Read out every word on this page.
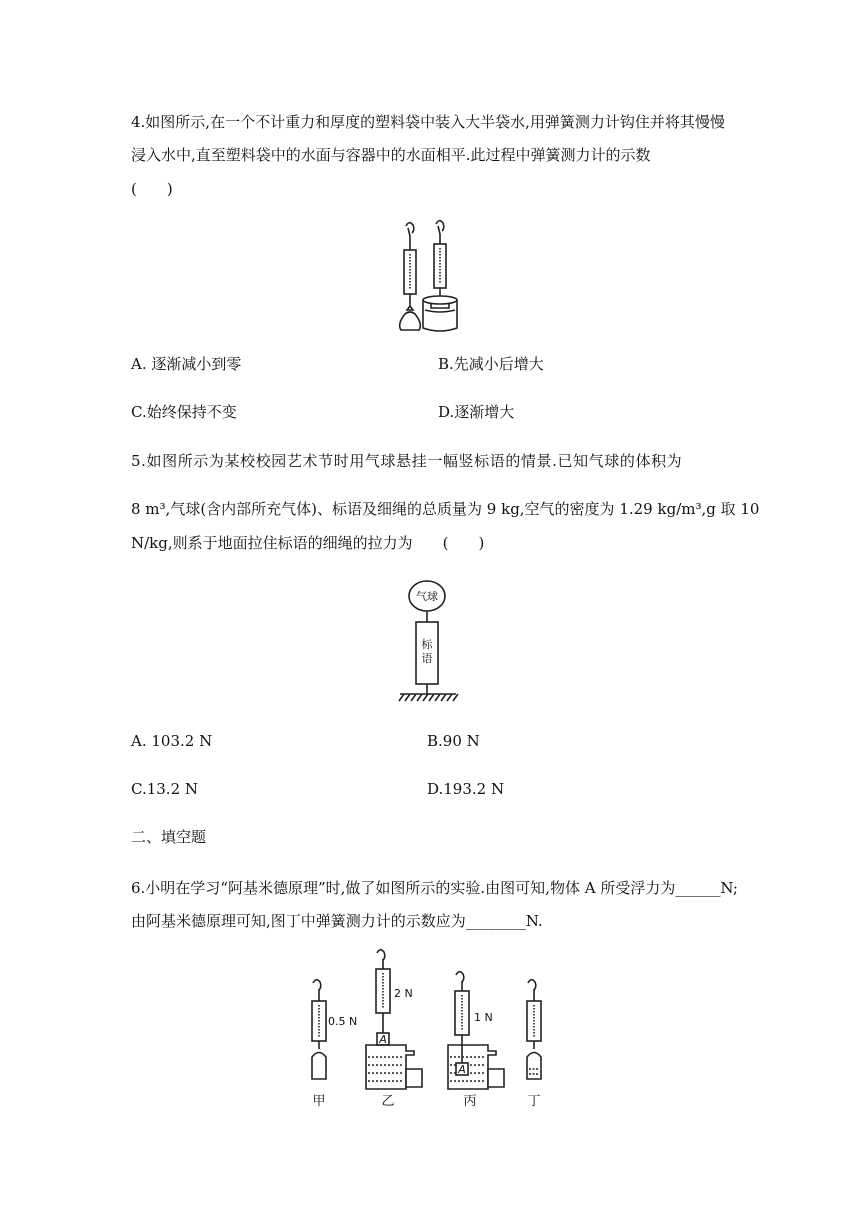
4.如图所示,在一个不计重力和厚度的塑料袋中装入大半袋水,用弹簧测力计钩住并将其慢慢
浸入水中,直至塑料袋中的水面与容器中的水面相平.此过程中弹簧测力计的示数
(　　)
A. 逐渐减小到零	B.先减小后增大
C.始终保持不变	D.逐渐增大
5.如图所示为某校校园艺术节时用气球悬挂一幅竖标语的情景.已知气球的体积为
8 m³,气球(含内部所充气体)、标语及细绳的总质量为 9 kg,空气的密度为 1.29 kg/m³,g 取 10
N/kg,则系于地面拉住标语的细绳的拉力为　　(　　)
气球
标
语
A. 103.2 N	B.90 N
C.13.2 N	D.193.2 N
二、填空题
6.小明在学习“阿基米德原理”时,做了如图所示的实验.由图可知,物体 A 所受浮力为______N;
由阿基米德原理可知,图丁中弹簧测力计的示数应为________N.
0.5 N
A
2 N
1 N
A
甲	乙	丙	丁
